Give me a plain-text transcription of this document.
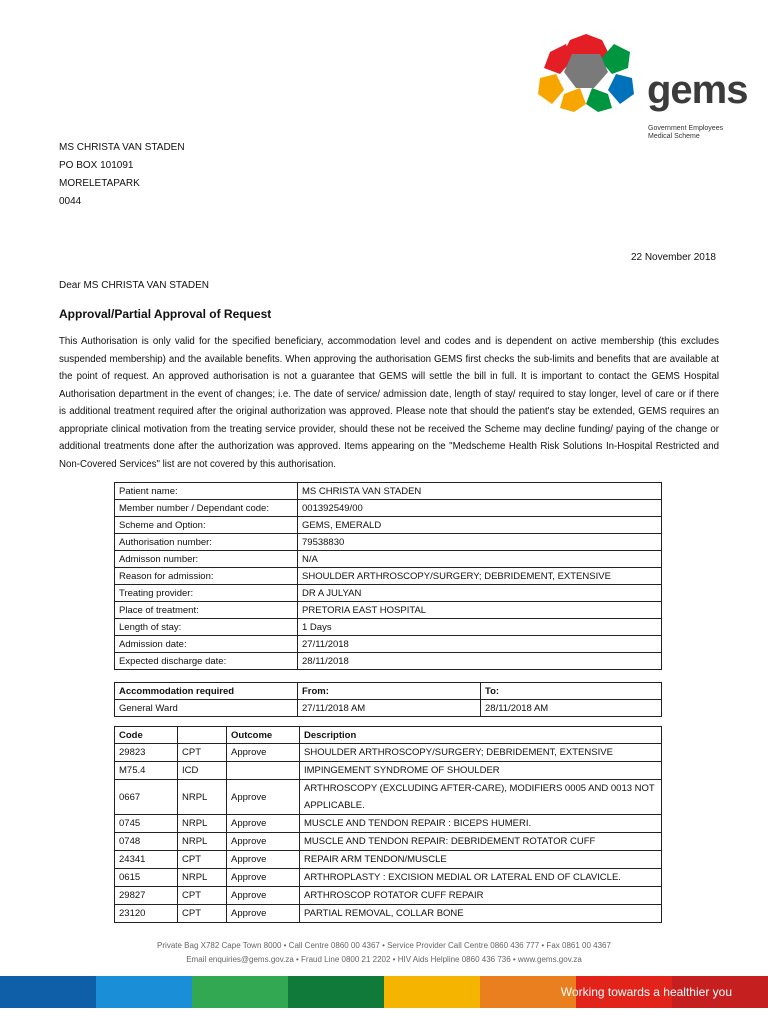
gems
Government Employees
Medical Scheme
MS CHRISTA VAN STADEN
PO BOX 101091
MORELETAPARK
0044
22 November 2018
Dear MS CHRISTA VAN STADEN
Approval/Partial Approval of Request
This Authorisation is only valid for the specified beneficiary, accommodation level and codes and is dependent on active membership (this excludes suspended membership) and the available benefits. When approving the authorisation GEMS first checks the sub-limits and benefits that are available at the point of request. An approved authorisation is not a guarantee that GEMS will settle the bill in full. It is important to contact the GEMS Hospital Authorisation department in the event of changes; i.e. The date of service/ admission date, length of stay/ required to stay longer, level of care or if there is additional treatment required after the original authorization was approved. Please note that should the patient's stay be extended, GEMS requires an appropriate clinical motivation from the treating service provider, should these not be received the Scheme may decline funding/ paying of the change or additional treatments done after the authorization was approved. Items appearing on the "Medscheme Health Risk Solutions In-Hospital Restricted and Non-Covered Services" list are not covered by this authorisation.
Patient name:	MS CHRISTA VAN STADEN
Member number / Dependant code:	001392549/00
Scheme and Option:	GEMS, EMERALD
Authorisation number:	79538830
Admisson number:	N/A
Reason for admission:	SHOULDER ARTHROSCOPY/SURGERY; DEBRIDEMENT, EXTENSIVE
Treating provider:	DR A JULYAN
Place of treatment:	PRETORIA EAST HOSPITAL
Length of stay:	1 Days
Admission date:	27/11/2018
Expected discharge date:	28/11/2018
Accommodation required	From:	To:
General Ward	27/11/2018 AM	28/11/2018 AM
Code		Outcome	Description
29823	CPT	Approve	SHOULDER ARTHROSCOPY/SURGERY; DEBRIDEMENT, EXTENSIVE
M75.4	ICD		IMPINGEMENT SYNDROME OF SHOULDER
0667	NRPL	Approve	ARTHROSCOPY (EXCLUDING AFTER-CARE), MODIFIERS 0005 AND 0013 NOT APPLICABLE.
0745	NRPL	Approve	MUSCLE AND TENDON REPAIR : BICEPS HUMERI.
0748	NRPL	Approve	MUSCLE AND TENDON REPAIR: DEBRIDEMENT ROTATOR CUFF
24341	CPT	Approve	REPAIR ARM TENDON/MUSCLE
0615	NRPL	Approve	ARTHROPLASTY : EXCISION MEDIAL OR LATERAL END OF CLAVICLE.
29827	CPT	Approve	ARTHROSCOP ROTATOR CUFF REPAIR
23120	CPT	Approve	PARTIAL REMOVAL, COLLAR BONE
Private Bag X782 Cape Town 8000 • Call Centre 0860 00 4367 • Service Provider Call Centre 0860 436 777 • Fax 0861 00 4367
Email enquiries@gems.gov.za • Fraud Line 0800 21 2202 • HIV Aids Helpline 0860 436 736 • www.gems.gov.za
Working towards a healthier you
